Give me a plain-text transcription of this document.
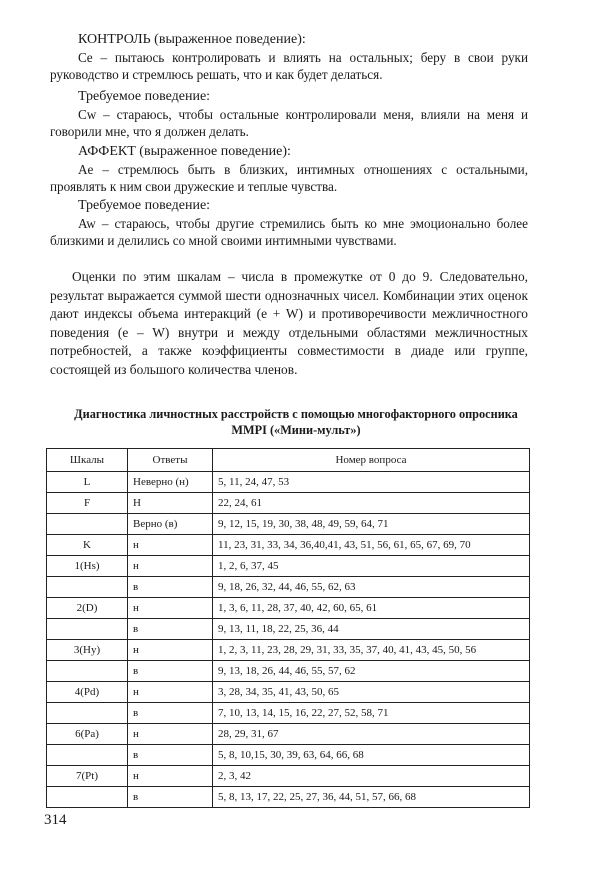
КОНТРОЛЬ (выраженное поведение):
Ce – пытаюсь контролировать и влиять на остальных; беру в свои руки руководство и стремлюсь решать, что и как будет делаться.
Требуемое поведение:
Cw – стараюсь, чтобы остальные контролировали меня, влияли на меня и говорили мне, что я должен делать.
АФФЕКТ (выраженное поведение):
Ae – стремлюсь быть в близких, интимных отношениях с остальными, проявлять к ним свои дружеские и теплые чувства.
Требуемое поведение:
Aw – стараюсь, чтобы другие стремились быть ко мне эмоционально более близкими и делились со мной своими интимными чувствами.

Оценки по этим шкалам – числа в промежутке от 0 до 9. Следовательно, результат выражается суммой шести однозначных чисел. Комбинации этих оценок дают индексы объема интеракций (e + W) и противоречивости межличностного поведения (e – W) внутри и между отдельными областями межличностных потребностей, а также коэффициенты совместимости в диаде или группе, состоящей из большого количества членов.

Диагностика личностных расстройств с помощью многофакторного опросника MMPI («Мини-мульт»)
Шкалы	Ответы	Номер вопроса
L	Неверно (н)	5, 11, 24, 47, 53
F	Н	22, 24, 61
	Верно (в)	9, 12, 15, 19, 30, 38, 48, 49, 59, 64, 71
K	н	11, 23, 31, 33, 34, 36,40,41, 43, 51, 56, 61, 65, 67, 69, 70
1(Hs)	н	1, 2, 6, 37, 45
	в	9, 18, 26, 32, 44, 46, 55, 62, 63
2(D)	н	1, 3, 6, 11, 28, 37, 40, 42, 60, 65, 61
	в	9, 13, 11, 18, 22, 25, 36, 44
3(Hy)	н	1, 2, 3, 11, 23, 28, 29, 31, 33, 35, 37, 40, 41, 43, 45, 50, 56
	в	9, 13, 18, 26, 44, 46, 55, 57, 62
4(Pd)	н	3, 28, 34, 35, 41, 43, 50, 65
	в	7, 10, 13, 14, 15, 16, 22, 27, 52, 58, 71
6(Pa)	н	28, 29, 31, 67
	в	5, 8, 10,15, 30, 39, 63, 64, 66, 68
7(Pt)	н	2, 3, 42
	в	5, 8, 13, 17, 22, 25, 27, 36, 44, 51, 57, 66, 68
314
